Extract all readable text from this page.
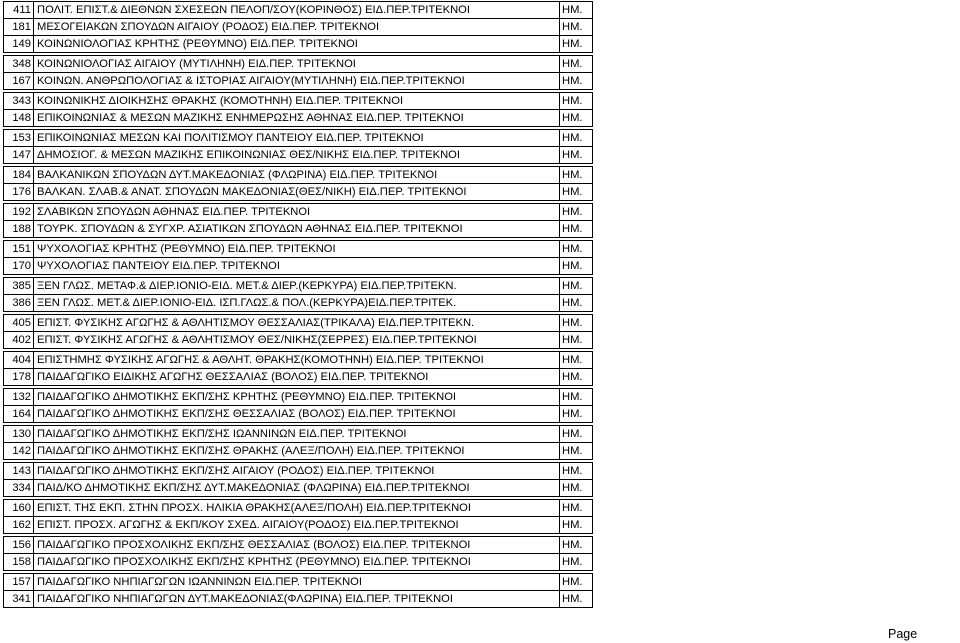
411	ΠΟΛΙΤ. ΕΠΙΣΤ.& ΔΙΕΘΝΩΝ ΣΧΕΣΕΩΝ ΠΕΛΟΠ/ΣΟΥ(ΚΟΡΙΝΘΟΣ) ΕΙΔ.ΠΕΡ.ΤΡΙΤΕΚΝΟΙ	ΗΜ.
181	ΜΕΣΟΓΕΙΑΚΩΝ ΣΠΟΥΔΩΝ ΑΙΓΑΙΟΥ (ΡΟΔΟΣ) ΕΙΔ.ΠΕΡ. ΤΡΙΤΕΚΝΟΙ	ΗΜ.
149	ΚΟΙΝΩΝΙΟΛΟΓΙΑΣ ΚΡΗΤΗΣ (ΡΕΘΥΜΝΟ) ΕΙΔ.ΠΕΡ. ΤΡΙΤΕΚΝΟΙ	ΗΜ.

348	ΚΟΙΝΩΝΙΟΛΟΓΙΑΣ ΑΙΓΑΙΟΥ (ΜΥΤΙΛΗΝΗ) ΕΙΔ.ΠΕΡ. ΤΡΙΤΕΚΝΟΙ	ΗΜ.
167	ΚΟΙΝΩΝ. ΑΝΘΡΩΠΟΛΟΓΙΑΣ & ΙΣΤΟΡΙΑΣ ΑΙΓΑΙΟΥ(ΜΥΤΙΛΗΝΗ) ΕΙΔ.ΠΕΡ.ΤΡΙΤΕΚΝΟΙ	ΗΜ.

343	ΚΟΙΝΩΝΙΚΗΣ ΔΙΟΙΚΗΣΗΣ ΘΡΑΚΗΣ (ΚΟΜΟΤΗΝΗ) ΕΙΔ.ΠΕΡ. ΤΡΙΤΕΚΝΟΙ	ΗΜ.
148	ΕΠΙΚΟΙΝΩΝΙΑΣ & ΜΕΣΩΝ ΜΑΖΙΚΗΣ ΕΝΗΜΕΡΩΣΗΣ ΑΘΗΝΑΣ ΕΙΔ.ΠΕΡ. ΤΡΙΤΕΚΝΟΙ	ΗΜ.

153	ΕΠΙΚΟΙΝΩΝΙΑΣ ΜΕΣΩΝ ΚΑΙ ΠΟΛΙΤΙΣΜΟΥ ΠΑΝΤΕΙΟΥ ΕΙΔ.ΠΕΡ. ΤΡΙΤΕΚΝΟΙ	ΗΜ.
147	ΔΗΜΟΣΙΟΓ. & ΜΕΣΩΝ ΜΑΖΙΚΗΣ ΕΠΙΚΟΙΝΩΝΙΑΣ ΘΕΣ/ΝΙΚΗΣ ΕΙΔ.ΠΕΡ. ΤΡΙΤΕΚΝΟΙ	ΗΜ.

184	ΒΑΛΚΑΝΙΚΩΝ ΣΠΟΥΔΩΝ ΔΥΤ.ΜΑΚΕΔΟΝΙΑΣ (ΦΛΩΡΙΝΑ) ΕΙΔ.ΠΕΡ. ΤΡΙΤΕΚΝΟΙ	ΗΜ.
176	ΒΑΛΚΑΝ. ΣΛΑΒ.& ΑΝΑΤ. ΣΠΟΥΔΩΝ ΜΑΚΕΔΟΝΙΑΣ(ΘΕΣ/ΝΙΚΗ) ΕΙΔ.ΠΕΡ. ΤΡΙΤΕΚΝΟΙ	ΗΜ.

192	ΣΛΑΒΙΚΩΝ ΣΠΟΥΔΩΝ ΑΘΗΝΑΣ ΕΙΔ.ΠΕΡ. ΤΡΙΤΕΚΝΟΙ	ΗΜ.
188	ΤΟΥΡΚ. ΣΠΟΥΔΩΝ & ΣΥΓΧΡ. ΑΣΙΑΤΙΚΩΝ ΣΠΟΥΔΩΝ ΑΘΗΝΑΣ ΕΙΔ.ΠΕΡ. ΤΡΙΤΕΚΝΟΙ	ΗΜ.

151	ΨΥΧΟΛΟΓΙΑΣ ΚΡΗΤΗΣ (ΡΕΘΥΜΝΟ) ΕΙΔ.ΠΕΡ. ΤΡΙΤΕΚΝΟΙ	ΗΜ.
170	ΨΥΧΟΛΟΓΙΑΣ ΠΑΝΤΕΙΟΥ ΕΙΔ.ΠΕΡ. ΤΡΙΤΕΚΝΟΙ	ΗΜ.

385	ΞΕΝ ΓΛΩΣ. ΜΕΤΑΦ.& ΔΙΕΡ.ΙΟΝΙΟ-ΕΙΔ. ΜΕΤ.& ΔΙΕΡ.(ΚΕΡΚΥΡΑ) ΕΙΔ.ΠΕΡ.ΤΡΙΤΕΚΝ.	ΗΜ.
386	ΞΕΝ ΓΛΩΣ. ΜΕΤ.& ΔΙΕΡ.ΙΟΝΙΟ-ΕΙΔ. ΙΣΠ.ΓΛΩΣ.& ΠΟΛ.(ΚΕΡΚΥΡΑ)ΕΙΔ.ΠΕΡ.ΤΡΙΤΕΚ.	ΗΜ.

405	ΕΠΙΣΤ. ΦΥΣΙΚΗΣ ΑΓΩΓΗΣ & ΑΘΛΗΤΙΣΜΟΥ ΘΕΣΣΑΛΙΑΣ(ΤΡΙΚΑΛΑ) ΕΙΔ.ΠΕΡ.ΤΡΙΤΕΚΝ.	ΗΜ.
402	ΕΠΙΣΤ. ΦΥΣΙΚΗΣ ΑΓΩΓΗΣ & ΑΘΛΗΤΙΣΜΟΥ ΘΕΣ/ΝΙΚΗΣ(ΣΕΡΡΕΣ) ΕΙΔ.ΠΕΡ.ΤΡΙΤΕΚΝΟΙ	ΗΜ.

404	ΕΠΙΣΤΗΜΗΣ ΦΥΣΙΚΗΣ ΑΓΩΓΗΣ & ΑΘΛΗΤ. ΘΡΑΚΗΣ(ΚΟΜΟΤΗΝΗ) ΕΙΔ.ΠΕΡ. ΤΡΙΤΕΚΝΟΙ	ΗΜ.
178	ΠΑΙΔΑΓΩΓΙΚΟ ΕΙΔΙΚΗΣ ΑΓΩΓΗΣ ΘΕΣΣΑΛΙΑΣ (ΒΟΛΟΣ) ΕΙΔ.ΠΕΡ. ΤΡΙΤΕΚΝΟΙ	ΗΜ.

132	ΠΑΙΔΑΓΩΓΙΚΟ ΔΗΜΟΤΙΚΗΣ ΕΚΠ/ΣΗΣ ΚΡΗΤΗΣ (ΡΕΘΥΜΝΟ) ΕΙΔ.ΠΕΡ. ΤΡΙΤΕΚΝΟΙ	ΗΜ.
164	ΠΑΙΔΑΓΩΓΙΚΟ ΔΗΜΟΤΙΚΗΣ ΕΚΠ/ΣΗΣ ΘΕΣΣΑΛΙΑΣ (ΒΟΛΟΣ) ΕΙΔ.ΠΕΡ. ΤΡΙΤΕΚΝΟΙ	ΗΜ.

130	ΠΑΙΔΑΓΩΓΙΚΟ ΔΗΜΟΤΙΚΗΣ ΕΚΠ/ΣΗΣ ΙΩΑΝΝΙΝΩΝ ΕΙΔ.ΠΕΡ. ΤΡΙΤΕΚΝΟΙ	ΗΜ.
142	ΠΑΙΔΑΓΩΓΙΚΟ ΔΗΜΟΤΙΚΗΣ ΕΚΠ/ΣΗΣ ΘΡΑΚΗΣ (ΑΛΕΞ/ΠΟΛΗ) ΕΙΔ.ΠΕΡ. ΤΡΙΤΕΚΝΟΙ	ΗΜ.

143	ΠΑΙΔΑΓΩΓΙΚΟ ΔΗΜΟΤΙΚΗΣ ΕΚΠ/ΣΗΣ ΑΙΓΑΙΟΥ (ΡΟΔΟΣ) ΕΙΔ.ΠΕΡ. ΤΡΙΤΕΚΝΟΙ	ΗΜ.
334	ΠΑΙΔ/ΚΟ ΔΗΜΟΤΙΚΗΣ ΕΚΠ/ΣΗΣ ΔΥΤ.ΜΑΚΕΔΟΝΙΑΣ (ΦΛΩΡΙΝΑ) ΕΙΔ.ΠΕΡ.ΤΡΙΤΕΚΝΟΙ	ΗΜ.

160	ΕΠΙΣΤ. ΤΗΣ ΕΚΠ. ΣΤΗΝ ΠΡΟΣΧ. ΗΛΙΚΙΑ ΘΡΑΚΗΣ(ΑΛΕΞ/ΠΟΛΗ) ΕΙΔ.ΠΕΡ.ΤΡΙΤΕΚΝΟΙ	ΗΜ.
162	ΕΠΙΣΤ. ΠΡΟΣΧ. ΑΓΩΓΗΣ & ΕΚΠ/ΚΟΥ ΣΧΕΔ. ΑΙΓΑΙΟΥ(ΡΟΔΟΣ) ΕΙΔ.ΠΕΡ.ΤΡΙΤΕΚΝΟΙ	ΗΜ.

156	ΠΑΙΔΑΓΩΓΙΚΟ ΠΡΟΣΧΟΛΙΚΗΣ ΕΚΠ/ΣΗΣ ΘΕΣΣΑΛΙΑΣ (ΒΟΛΟΣ) ΕΙΔ.ΠΕΡ. ΤΡΙΤΕΚΝΟΙ	ΗΜ.
158	ΠΑΙΔΑΓΩΓΙΚΟ ΠΡΟΣΧΟΛΙΚΗΣ ΕΚΠ/ΣΗΣ ΚΡΗΤΗΣ (ΡΕΘΥΜΝΟ) ΕΙΔ.ΠΕΡ. ΤΡΙΤΕΚΝΟΙ	ΗΜ.

157	ΠΑΙΔΑΓΩΓΙΚΟ ΝΗΠΙΑΓΩΓΩΝ ΙΩΑΝΝΙΝΩΝ ΕΙΔ.ΠΕΡ. ΤΡΙΤΕΚΝΟΙ	ΗΜ.
341	ΠΑΙΔΑΓΩΓΙΚΟ ΝΗΠΙΑΓΩΓΩΝ ΔΥΤ.ΜΑΚΕΔΟΝΙΑΣ(ΦΛΩΡΙΝΑ) ΕΙΔ.ΠΕΡ. ΤΡΙΤΕΚΝΟΙ	ΗΜ.
Page
